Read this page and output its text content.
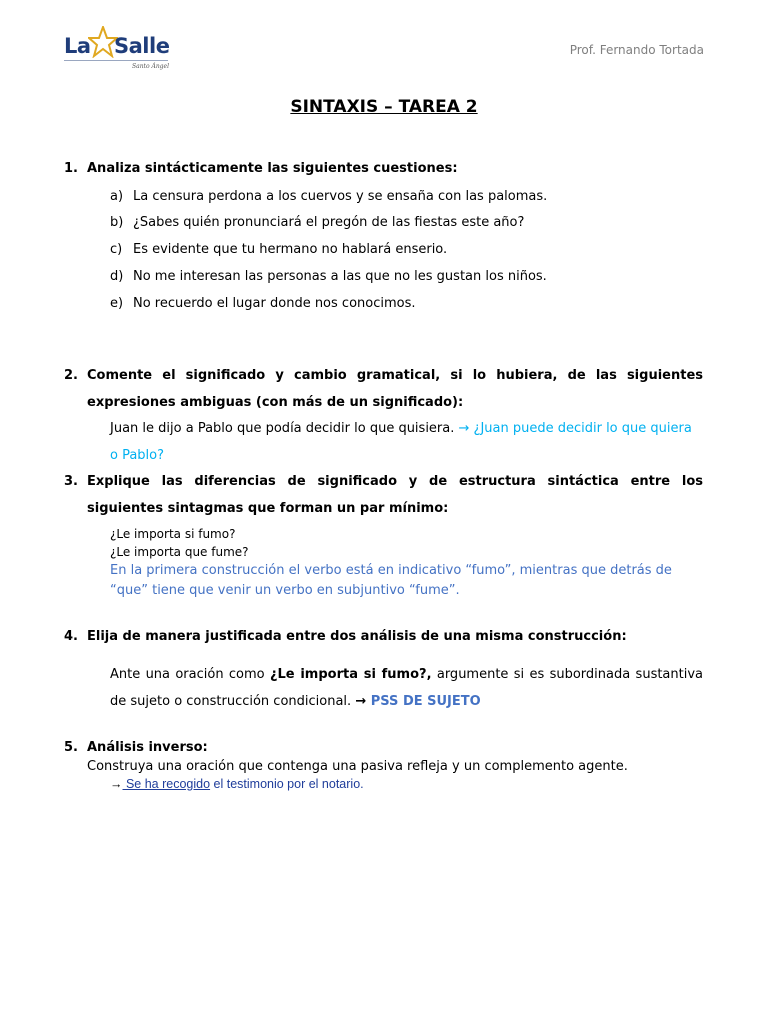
La Salle
Santo Ángel
Prof. Fernando Tortada
SINTAXIS – TAREA 2
1. Analiza sintácticamente las siguientes cuestiones:
a) La censura perdona a los cuervos y se ensaña con las palomas.
b) ¿Sabes quién pronunciará el pregón de las fiestas este año?
c) Es evidente que tu hermano no hablará enserio.
d) No me interesan las personas a las que no les gustan los niños.
e) No recuerdo el lugar donde nos conocimos.
2. Comente el significado y cambio gramatical, si lo hubiera, de las siguientes expresiones ambiguas (con más de un significado):
Juan le dijo a Pablo que podía decidir lo que quisiera. → ¿Juan puede decidir lo que quiera o Pablo?
3. Explique las diferencias de significado y de estructura sintáctica entre los siguientes sintagmas que forman un par mínimo:
¿Le importa si fumo?
¿Le importa que fume?
En la primera construcción el verbo está en indicativo “fumo”, mientras que detrás de “que” tiene que venir un verbo en subjuntivo “fume”.
4. Elija de manera justificada entre dos análisis de una misma construcción:
Ante una oración como ¿Le importa si fumo?, argumente si es subordinada sustantiva de sujeto o construcción condicional. → PSS DE SUJETO
5. Análisis inverso:
Construya una oración que contenga una pasiva refleja y un complemento agente.
→ Se ha recogido el testimonio por el notario.
